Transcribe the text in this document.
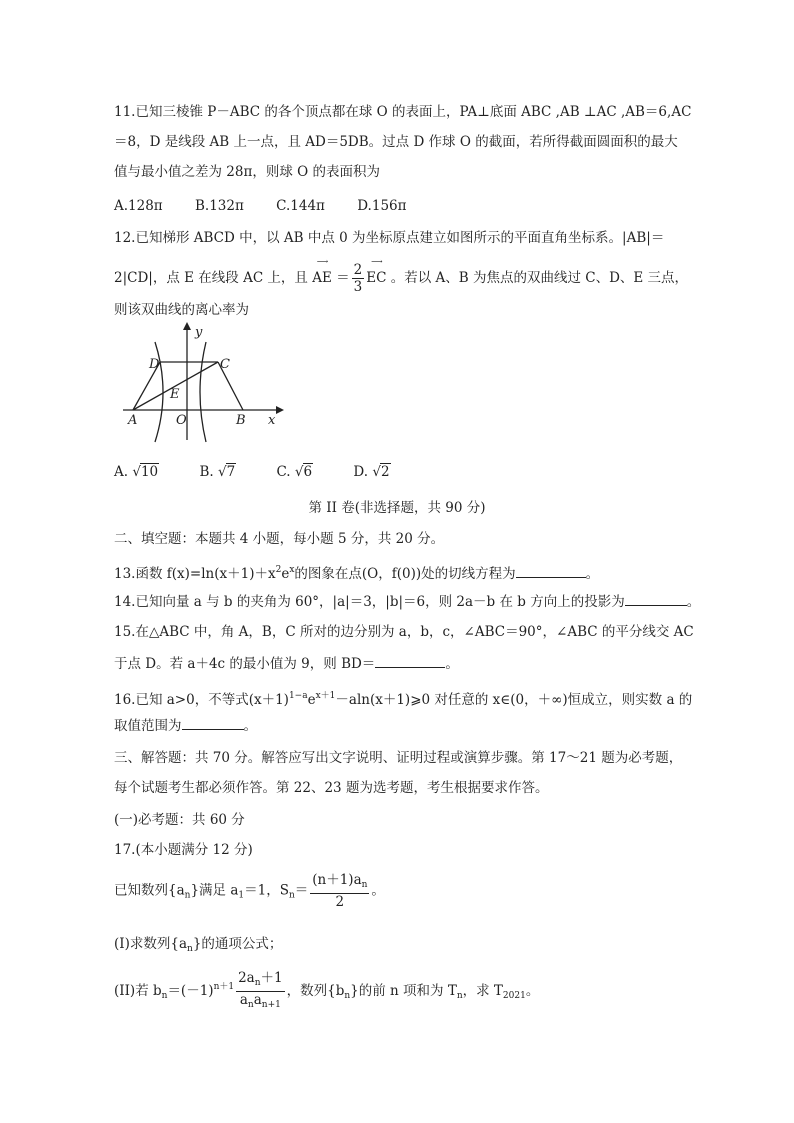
11.已知三棱锥 P－ABC 的各个顶点都在球 O 的表面上，PA⊥底面 ABC ,AB ⊥AC ,AB＝6,AC
＝8，D 是线段 AB 上一点，且 AD＝5DB。过点 D 作球 O 的截面，若所得截面圆面积的最大
值与最小值之差为 28π，则球 O 的表面积为
A.128π B.132π C.144π D.156π
12.已知梯形 ABCD 中，以 AB 中点 0 为坐标原点建立如图所示的平面直角坐标系。|AB|＝
2|CD|，点 E 在线段 AC 上，且
⟶
AE ＝ $\frac{2}{3}$
⟶
EC 。若以 A、B 为焦点的双曲线过 C、D、E 三点，
则该双曲线的离心率为
y
x
D	C
E
A	O	B
A. √10	B. √7	C. √6	D. √2
第 II 卷(非选择题，共 90 分)
二、填空题：本题共 4 小题，每小题 5 分，共 20 分。
13.函数 $f(x)=\ln(x+1)+x^2e^x$的图象在点(O，f(0))处的切线方程为	。
14.已知向量 a 与 b 的夹角为 60°，|a|＝3，|b|＝6，则 2a－b 在 b 方向上的投影为	。
15.在△ABC 中，角 A，B，C 所对的边分别为 a，b，c，∠ABC＝90°，∠ABC 的平分线交 AC
于点 D。若 a＋4c 的最小值为 9，则 BD＝	。
16.已知 a>0，不等式$(x+1)^{1-a}e^{x+1}-aln(x+1)⩾0$ 对任意的 x∈(0，＋∞)恒成立，则实数 a 的
取值范围为	。
三、解答题：共 70 分。解答应写出文字说明、证明过程或演算步骤。第 17～21 题为必考题，
每个试题考生都必须作答。第 22、23 题为选考题，考生根据要求作答。
(一)必考题：共 60 分
17.(本小题满分 12 分)
已知数列$\{a_n\}$满足 $a_1=1$，$S_n= \frac{(n+1)a_n}{2}$ 。
(I)求数列$\{a_n\}$的通项公式；
(II)若 $b_n=(-1)^{n+1} \frac{2a_n+1}{a_na_{n+1}}$ ，数列$\{b_n\}$的前 n 项和为 $T_n$，求 $T_{2021}$。
